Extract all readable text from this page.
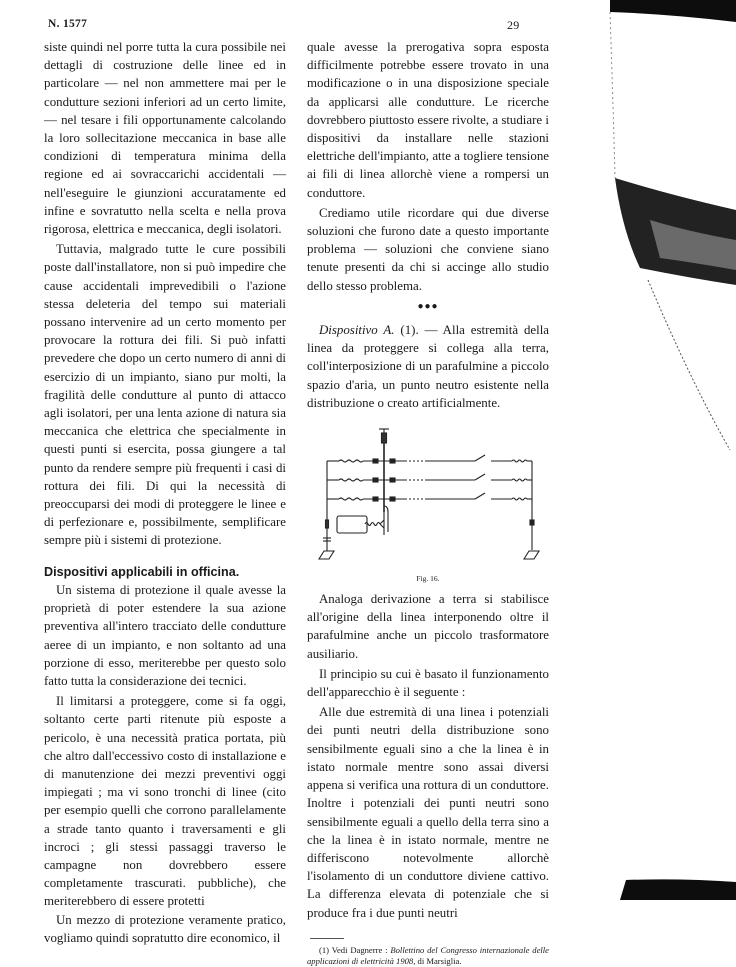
N. 1577	29

siste quindi nel porre tutta la cura possibile nei dettagli di costruzione delle linee ed in particolare — nel non ammettere mai per le condutture sezioni inferiori ad un certo limite, — nel tesare i fili opportunamente calcolando la loro sollecitazione meccanica in base alle condizioni di temperatura minima della regione ed ai sovraccarichi accidentali — nell'eseguire le giunzioni accuratamente ed infine e sovratutto nella scelta e nella prova rigorosa, elettrica e meccanica, degli isolatori.

Tuttavia, malgrado tutte le cure possibili poste dall'installatore, non si può impedire che cause accidentali imprevedibili o l'azione stessa deleteria del tempo sui materiali possano intervenire ad un certo momento per provocare la rottura dei fili. Si può infatti prevedere che dopo un certo numero di anni di esercizio di un impianto, siano pur molti, la fragilità delle condutture al punto di attacco agli isolatori, per una lenta azione di natura sia meccanica che elettrica che specialmente in questi punti si esercita, possa giungere a tal punto da rendere sempre più frequenti i casi di rottura dei fili. Di qui la necessità di preoccuparsi dei modi di proteggere le linee e di perfezionare e, possibilmente, semplificare sempre più i sistemi di protezione.

Dispositivi applicabili in officina.

Un sistema di protezione il quale avesse la proprietà di poter estendere la sua azione preventiva all'intero tracciato delle condutture aeree di un impianto, e non soltanto ad una porzione di esso, meriterebbe per questo solo fatto tutta la considerazione dei tecnici.

Il limitarsi a proteggere, come si fa oggi, soltanto certe parti ritenute più esposte a pericolo, è una necessità pratica portata, più che altro dall'eccessivo costo di installazione e di manutenzione dei mezzi preventivi oggi impiegati ; ma vi sono tronchi di linee (cito per esempio quelli che corrono parallelamente a strade tanto quanto i traversamenti e gli incroci ; gli stessi passaggi traverso le campagne non dovrebbero essere completamente trascurati. pubbliche), che meriterebbero di essere protetti

Un mezzo di protezione veramente pratico, vogliamo quindi sopratutto dire economico, il

quale avesse la prerogativa sopra esposta difficilmente potrebbe essere trovato in una modificazione o in una disposizione speciale da applicarsi alle condutture. Le ricerche dovrebbero piuttosto essere rivolte, a studiare i dispositivi da installare nelle stazioni elettriche dell'impianto, atte a togliere tensione ai fili di linea allorchè viene a rompersi un conduttore.

Crediamo utile ricordare qui due diverse soluzioni che furono date a questo importante problema — soluzioni che conviene siano tenute presenti da chi si accinge allo studio dello stesso problema.

●●●

Dispositivo A. (1). — Alla estremità della linea da proteggere si collega alla terra, coll'interposizione di un parafulmine a piccolo spazio d'aria, un punto neutro esistente nella distribuzione o creato artificialmente.

Fig. 16.

Analoga derivazione a terra si stabilisce all'origine della linea interponendo oltre il parafulmine anche un piccolo trasformatore ausiliario.

Il principio su cui è basato il funzionamento dell'apparecchio è il seguente :

Alle due estremità di una linea i potenziali dei punti neutri della distribuzione sono sensibilmente eguali sino a che la linea è in istato normale mentre sono assai diversi appena si verifica una rottura di un conduttore. Inoltre i potenziali dei punti neutri sono sensibilmente eguali a quello della terra sino a che la linea è in istato normale, mentre ne differiscono notevolmente allorchè l'isolamento di un conduttore diviene cattivo. La differenza elevata di potenziale che si produce fra i due punti neutri

(1) Vedi Dagnerre : Bollettino del Congresso internazionale delle applicazioni di elettricità 1908, di Marsiglia.
